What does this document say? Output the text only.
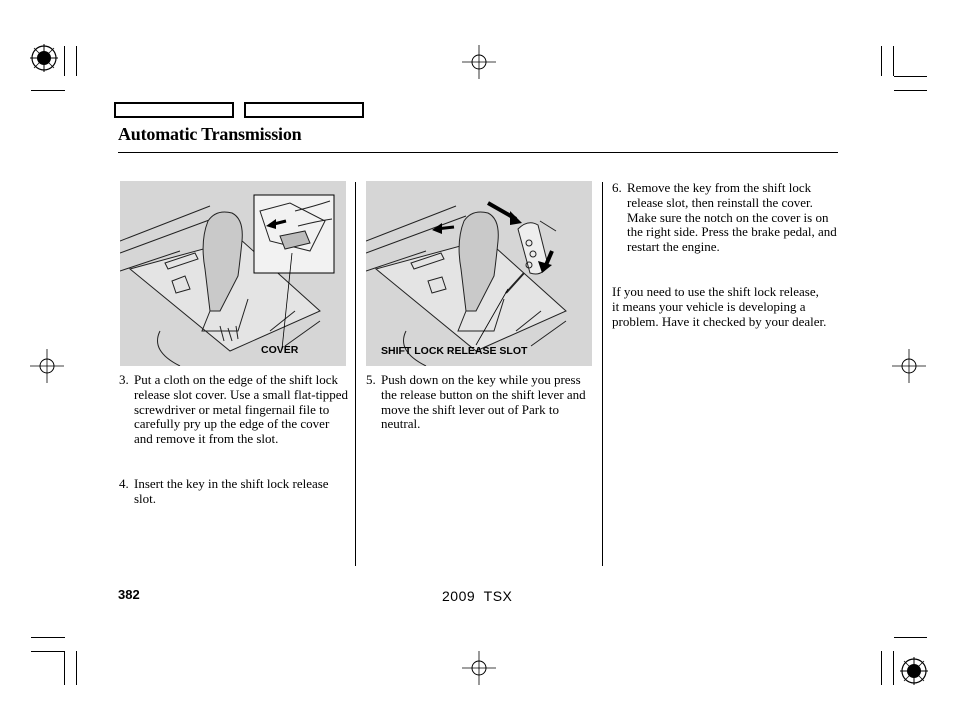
Automatic Transmission
COVER	SHIFT LOCK RELEASE SLOT
3. Put a cloth on the edge of the shift lock release slot cover. Use a small flat-tipped screwdriver or metal fingernail file to carefully pry up the edge of the cover and remove it from the slot.
4. Insert the key in the shift lock release slot.
5. Push down on the key while you press the release button on the shift lever and move the shift lever out of Park to neutral.
6. Remove the key from the shift lock release slot, then reinstall the cover. Make sure the notch on the cover is on the right side. Press the brake pedal, and restart the engine.
If you need to use the shift lock release, it means your vehicle is developing a problem. Have it checked by your dealer.
382	2009  TSX
